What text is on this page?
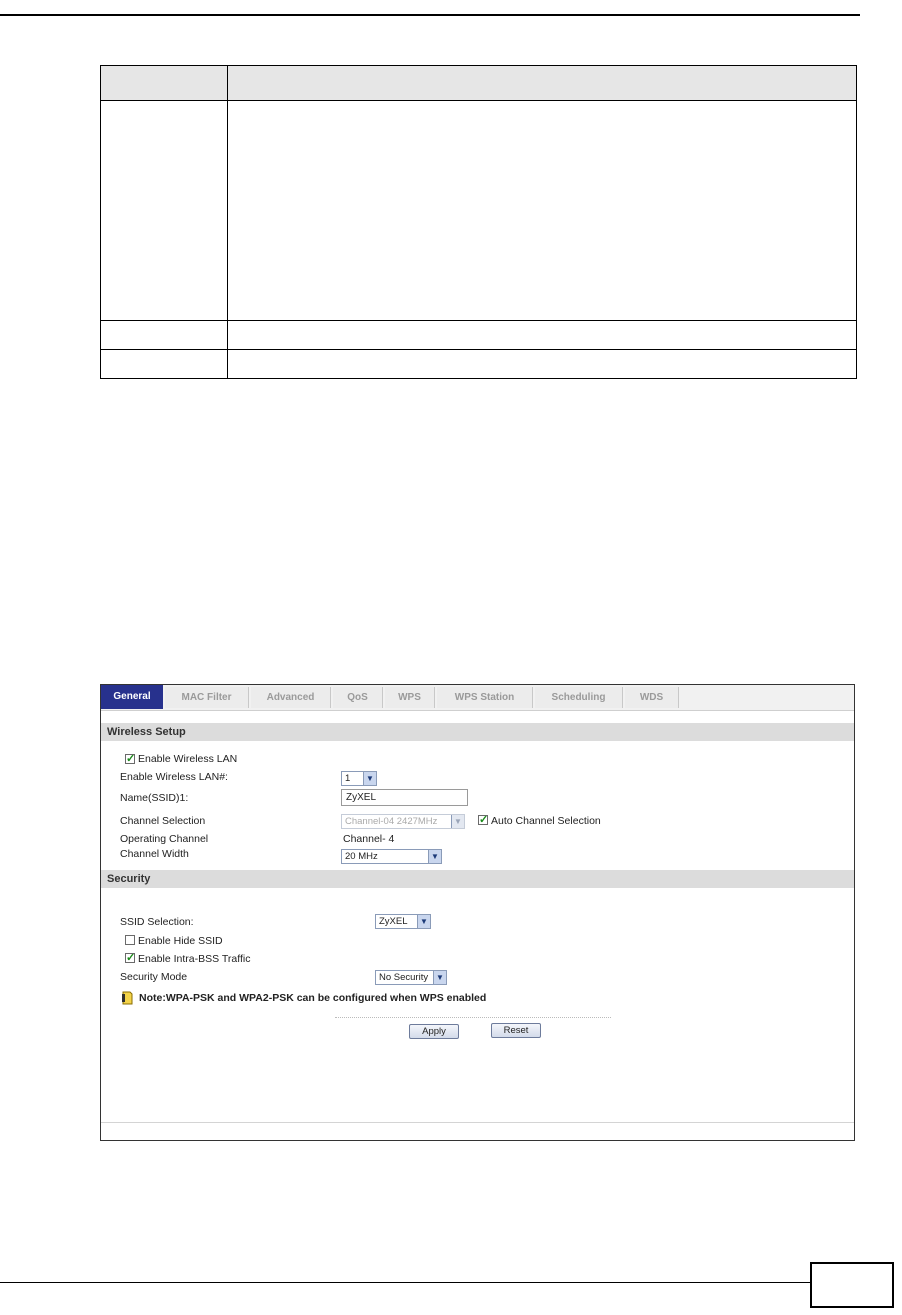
General	MAC Filter	Advanced	QoS	WPS	WPS Station	Scheduling	WDS
Wireless Setup
✓
Enable Wireless LAN
Enable Wireless LAN#:	1	▼
Name(SSID)1:	ZyXEL
Channel Selection	Channel-04 2427MHz	▼
✓	Auto Channel Selection
Operating Channel	Channel- 4
Channel Width	20 MHz	▼
Security
SSID Selection:	ZyXEL	▼
Enable Hide SSID
✓
Enable Intra-BSS Traffic
Security Mode	No Security ▼
Note:WPA-PSK and WPA2-PSK can be configured when WPS enabled
Apply	Reset
